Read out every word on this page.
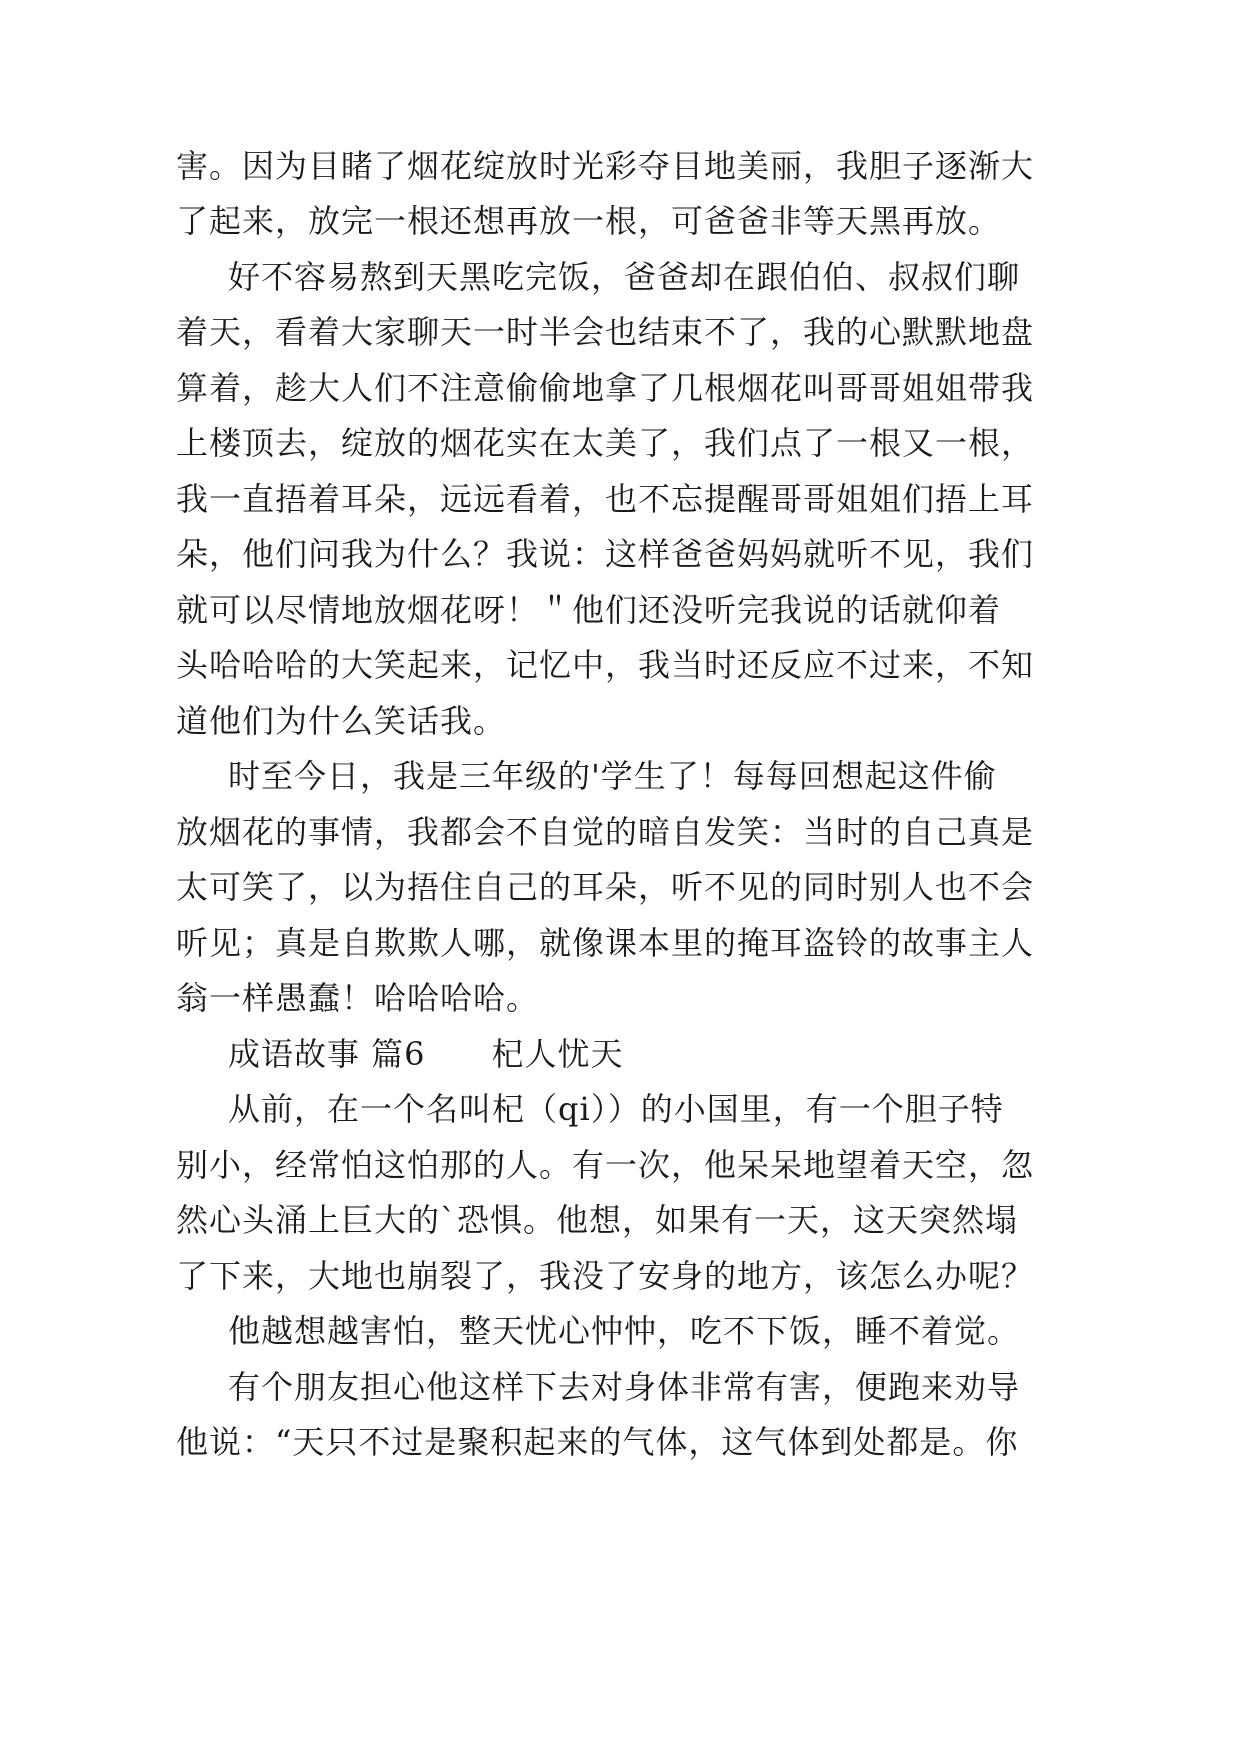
害。因为目睹了烟花绽放时光彩夺目地美丽，我胆子逐渐大
了起来，放完一根还想再放一根，可爸爸非等天黑再放。
好不容易熬到天黑吃完饭，爸爸却在跟伯伯、叔叔们聊
着天，看着大家聊天一时半会也结束不了，我的心默默地盘
算着，趁大人们不注意偷偷地拿了几根烟花叫哥哥姐姐带我
上楼顶去，绽放的烟花实在太美了，我们点了一根又一根，
我一直捂着耳朵，远远看着，也不忘提醒哥哥姐姐们捂上耳
朵，他们问我为什么？我说：这样爸爸妈妈就听不见，我们
就可以尽情地放烟花呀！＂他们还没听完我说的话就仰着
头哈哈哈的大笑起来，记忆中，我当时还反应不过来，不知
道他们为什么笑话我。
时至今日，我是三年级的'学生了！每每回想起这件偷
放烟花的事情，我都会不自觉的暗自发笑：当时的自己真是
太可笑了，以为捂住自己的耳朵，听不见的同时别人也不会
听见；真是自欺欺人哪，就像课本里的掩耳盗铃的故事主人
翁一样愚蠢！哈哈哈哈。
成语故事 篇6　　杞人忧天
从前，在一个名叫杞（qi））的小国里，有一个胆子特
别小，经常怕这怕那的人。有一次，他呆呆地望着天空，忽
然心头涌上巨大的`恐惧。他想，如果有一天，这天突然塌
了下来，大地也崩裂了，我没了安身的地方，该怎么办呢？
他越想越害怕，整天忧心忡忡，吃不下饭，睡不着觉。
有个朋友担心他这样下去对身体非常有害，便跑来劝导
他说：“天只不过是聚积起来的气体，这气体到处都是。你
